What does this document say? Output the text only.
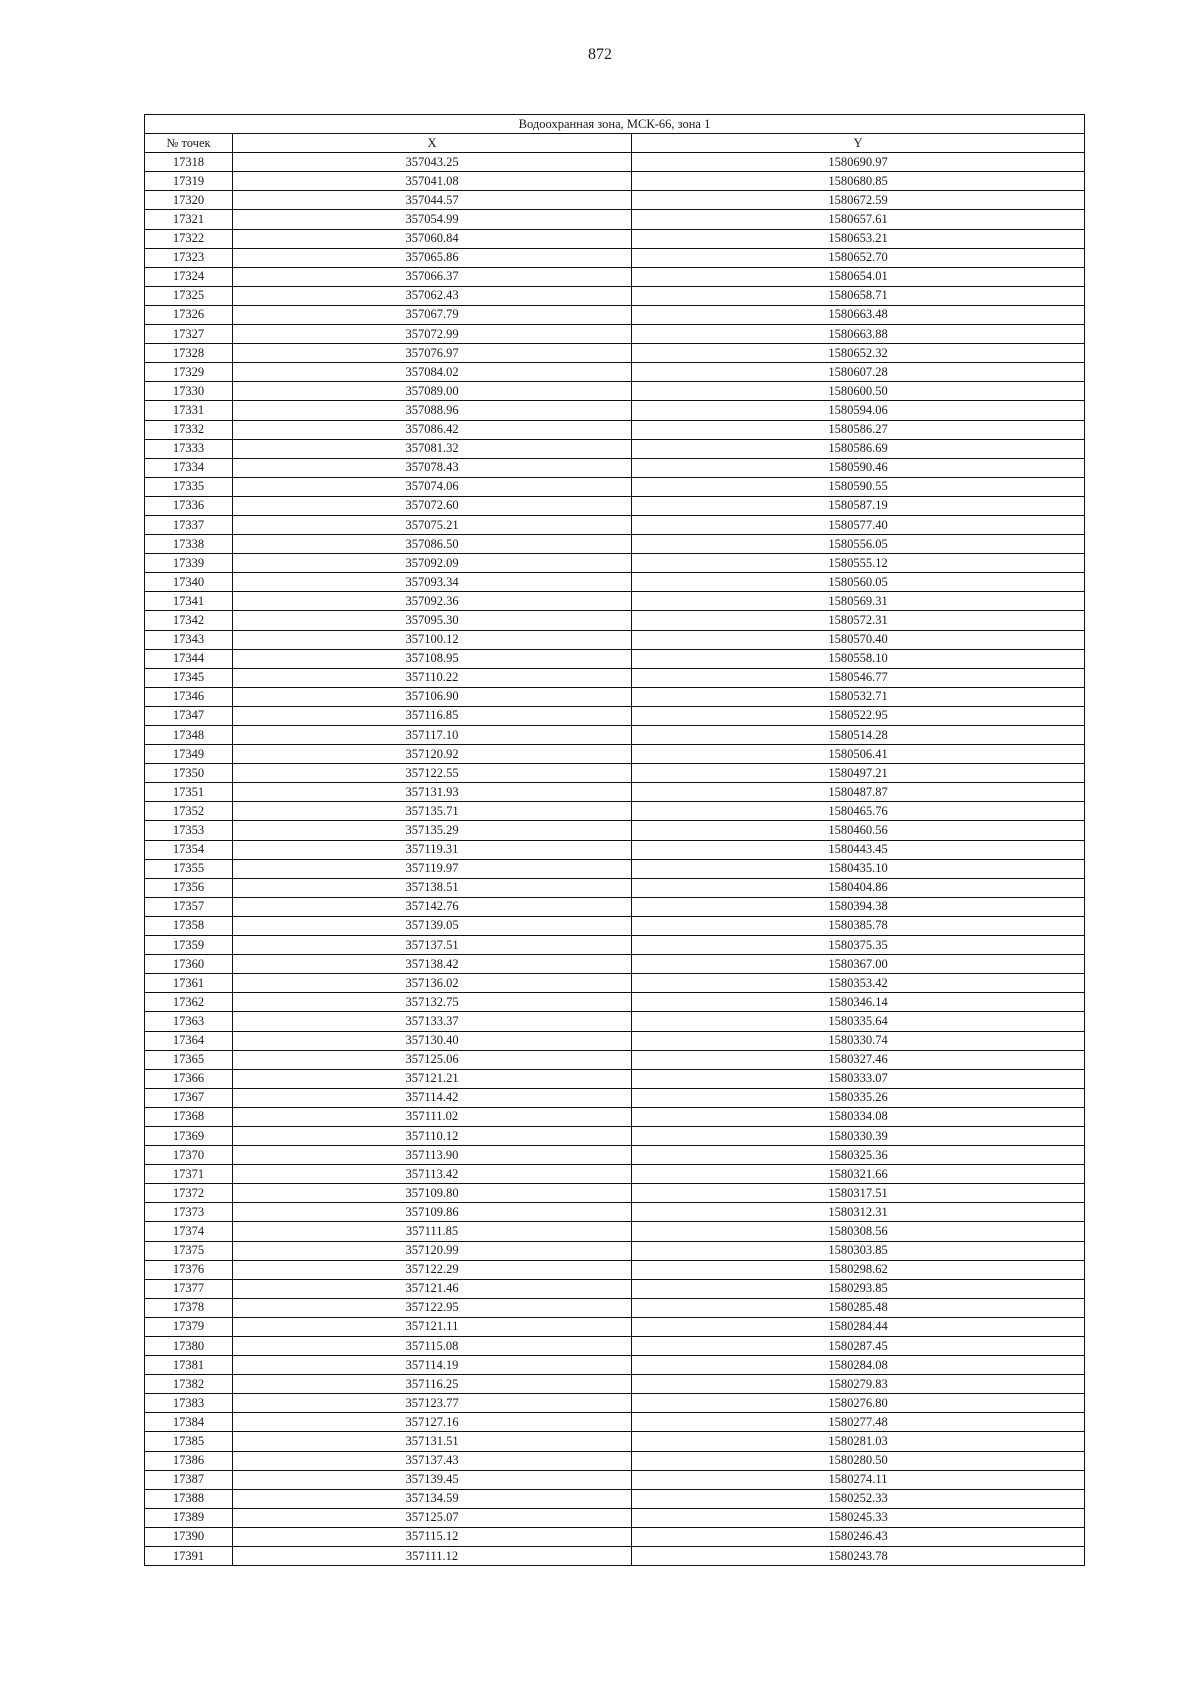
872
Водоохранная зона, МСК-66, зона 1		
№ точек	X	Y
17318	357043.25	1580690.97
17319	357041.08	1580680.85
17320	357044.57	1580672.59
17321	357054.99	1580657.61
17322	357060.84	1580653.21
17323	357065.86	1580652.70
17324	357066.37	1580654.01
17325	357062.43	1580658.71
17326	357067.79	1580663.48
17327	357072.99	1580663.88
17328	357076.97	1580652.32
17329	357084.02	1580607.28
17330	357089.00	1580600.50
17331	357088.96	1580594.06
17332	357086.42	1580586.27
17333	357081.32	1580586.69
17334	357078.43	1580590.46
17335	357074.06	1580590.55
17336	357072.60	1580587.19
17337	357075.21	1580577.40
17338	357086.50	1580556.05
17339	357092.09	1580555.12
17340	357093.34	1580560.05
17341	357092.36	1580569.31
17342	357095.30	1580572.31
17343	357100.12	1580570.40
17344	357108.95	1580558.10
17345	357110.22	1580546.77
17346	357106.90	1580532.71
17347	357116.85	1580522.95
17348	357117.10	1580514.28
17349	357120.92	1580506.41
17350	357122.55	1580497.21
17351	357131.93	1580487.87
17352	357135.71	1580465.76
17353	357135.29	1580460.56
17354	357119.31	1580443.45
17355	357119.97	1580435.10
17356	357138.51	1580404.86
17357	357142.76	1580394.38
17358	357139.05	1580385.78
17359	357137.51	1580375.35
17360	357138.42	1580367.00
17361	357136.02	1580353.42
17362	357132.75	1580346.14
17363	357133.37	1580335.64
17364	357130.40	1580330.74
17365	357125.06	1580327.46
17366	357121.21	1580333.07
17367	357114.42	1580335.26
17368	357111.02	1580334.08
17369	357110.12	1580330.39
17370	357113.90	1580325.36
17371	357113.42	1580321.66
17372	357109.80	1580317.51
17373	357109.86	1580312.31
17374	357111.85	1580308.56
17375	357120.99	1580303.85
17376	357122.29	1580298.62
17377	357121.46	1580293.85
17378	357122.95	1580285.48
17379	357121.11	1580284.44
17380	357115.08	1580287.45
17381	357114.19	1580284.08
17382	357116.25	1580279.83
17383	357123.77	1580276.80
17384	357127.16	1580277.48
17385	357131.51	1580281.03
17386	357137.43	1580280.50
17387	357139.45	1580274.11
17388	357134.59	1580252.33
17389	357125.07	1580245.33
17390	357115.12	1580246.43
17391	357111.12	1580243.78
